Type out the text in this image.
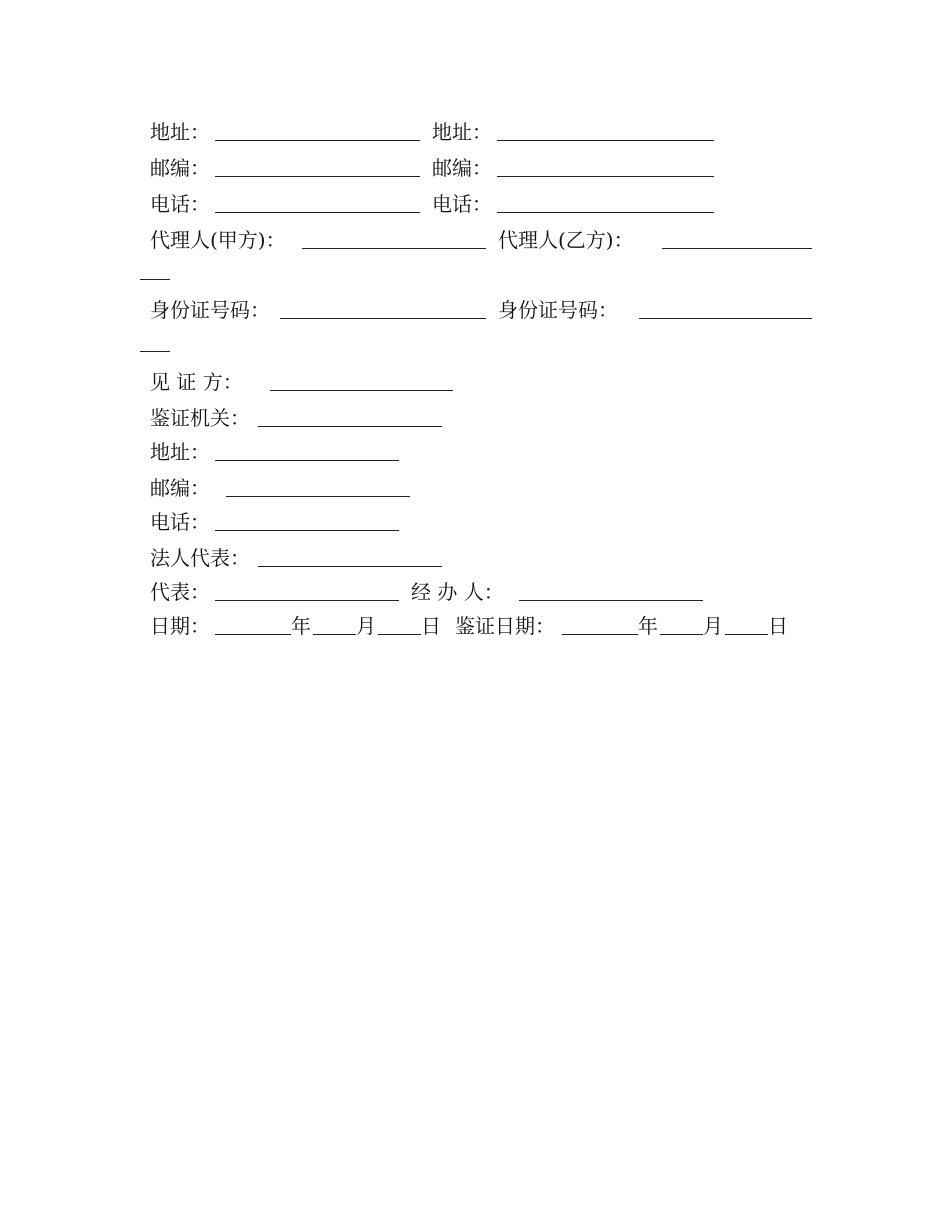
地址：	地址：
邮编：	邮编：
电话：	电话：
代理人(甲方)：	代理人(乙方)：
身份证号码：	身份证号码：
见 证 方：
鉴证机关：
地址：
邮编：
电话：
法人代表：
代表：	经 办 人：
日期：	年 月 日 鉴证日期：	年 月 日
